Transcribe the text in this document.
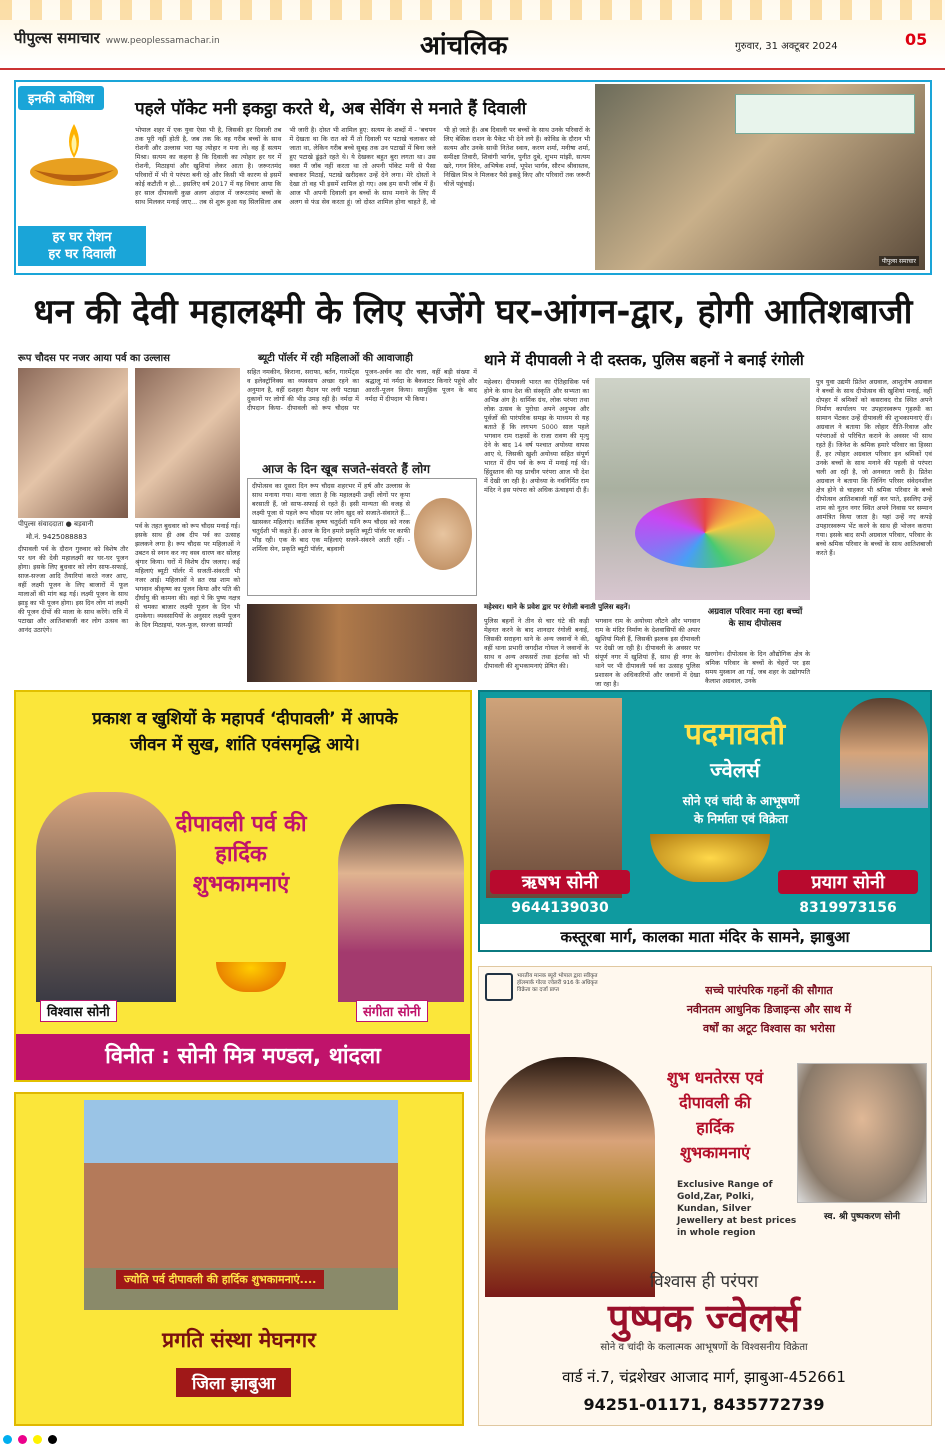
पीपुल्स समाचार www.peoplessamachar.in	आंचलिक	गुरुवार, 31 अक्टूबर 2024	05
इनकी कोशिश
हर घर रोशन
हर घर दिवाली
पहले पॉकेट मनी इकट्ठा करते थे, अब सेविंग से मनाते हैं दिवाली
भोपाल शहर में एक युवा ऐसा भी है, जिसकी हर दिवाली तब तक पूरी नहीं होती है, जब तक कि वह गरीब बच्चों के साथ रोशनी और उल्लास भरा यह त्योहार न मना ले। वह हैं सत्यम मिश्रा। सत्यम का कहना है कि दिवाली का त्योहार हर घर में रोशनी, मिठाइयां और खुशियां लेकर आता है। जरूरतमंद परिवारों में भी ये परंपरा बनी रहे और किसी भी कारण से इसमें कोई कटौती न हो... इसलिए वर्ष 2017 में यह विचार आया कि हर साल दीपावली कुछ अलग अंदाज में जरूरतमंद बच्चों के साथ मिलकर मनाई जाए... तब से शुरू हुआ यह सिलसिला अब भी जारी है। दोस्त भी शामिल हुए: सत्यम के शब्दों में - 'बचपन में देखता था कि रात को मैं तो दिवाली पर पटाखे चलाकर सो जाता था, लेकिन गरीब बच्चे सुबह तक उन पटाखों में बिना जले हुए पटाखे ढूंढ़ते रहते थे। ये देखकर बहुत बुरा लगता था। उस वक्त मैं जॉब नहीं करता था तो अपनी पॉकेट मनी से पैसा बचाकर मिठाई, पटाखे खरीदकर उन्हें देने लगा। मेरे दोस्तों ने देखा तो वह भी इसमें शामिल हो गए। अब हम सभी जॉब में हैं। आज भी अपनी दिवाली इन बच्चों के साथ मनाने के लिए मैं अलग से फंड सेव करता हूं। जो दोस्त शामिल होना चाहते हैं, वो भी हो जाते हैं। अब दिवाली पर बच्चों के साथ उनके परिवारों के लिए बेसिक राशन के पैकेट भी देने लगे हैं। कोविड के दौरान भी सत्यम और उनके साथी नितेश स्वाय, करण शर्मा, मनीषा शर्मा, समीक्षा तिवारी, शिवांगी भार्गव, पुनीत दुबे, शुभम मांझी, सत्यम खरे, गगन विरेन, अभिषेक शर्मा, भूपेश भार्गव, सौरभ श्रीवास्तव, निखिल मिश्र ने मिलकर पैसे इकट्ठे किए और परिवारों तक जरूरी चीजें पहुंचाईं।
पीपुल्स समाचार
धन की देवी महालक्ष्मी के लिए सजेंगे घर-आंगन-द्वार, होगी आतिशबाजी
रूप चौदस पर नजर आया पर्व का उल्लास	ब्यूटी पॉर्लर में रही महिलाओं की आवाजाही
पीपुल्स संवाददाता ● बड़वानी
मो.नं. 9425088883
दीपावली पर्व के दौरान गुरुवार को विशेष तौर पर धन की देवी महालक्ष्मी का घर-घर पूजन होगा। इसके लिए बुधवार को लोग साफ-सफाई, साज-सज्जा आदि तैयारियां करते नजर आए, वहीं लक्ष्मी पूजन के लिए बाजारों में फूल मालाओं की मांग बढ़ गई। लक्ष्मी पूजन के साथ झाड़ू का भी पूजन होगा। इस दिन लोग मां लक्ष्मी की पूजन दीपों की माला के साथ करेंगे। रात्रि में पटाखा और आतिशबाजी कर लोग उत्सव का आनंद उठाएंगे।
पर्व के तहत बुधवार को रूप चौदस मनाई गई। इसके साथ ही अब दीप पर्व का उत्साह झलकने लगा है। रूप चौदस पर महिलाओं ने उबटन से स्नान कर नए वस्त्र धारण कर सोलह श्रृंगार किया। घरों में विशेष दीप जलाए। कई महिलाएं ब्यूटी पॉर्लर में सजती-संवरती भी नजर आई। महिलाओं ने व्रत रख शाम को भगवान श्रीकृष्ण का पूजन किया और पति की दीर्घायु की कामना की। वहां पे कि पुष्य नक्षत्र से चमका बाजार लक्ष्मी पूजन के दिन भी दमकेगा। व्यवसायियों के अनुसार लक्ष्मी पूजन के दिन मिठाइयां, फल-फूल, सज्जा सामग्री
सहित नमकीन, किराना, सराफा, बर्तन, गारमेंट्स व इलेक्ट्रॉनिक्स का व्यवसाय अच्छा रहने का अनुमान है, वहीं दशहरा मैदान पर लगी पटाखा दुकानों पर लोगों की भीड़ उमड़ रही है। नर्मदा में दीपदान किया- दीपावली को रूप चौदस पर पूजन-अर्चन का दौर चला, वहीं बड़ी संख्या में श्रद्धालु मां नर्मदा के बैकवाटर किनारे पहुंचे और आरती-पूजन किया। सामूहिक पूजन के बाद नर्मदा में दीपदान भी किया।
आज के दिन खूब सजते-संवरते हैं लोग
दीपोत्सव का दूसरा दिन रूप चौदस शहरभर में हर्ष और उल्लास के साथ मनाया गया। माना जाता है कि महालक्ष्मी उन्हीं लोगों पर कृपा बरसाती हैं, जो साफ-सफाई से रहते हैं। इसी मान्यता की वजह से लक्ष्मी पूजा से पहले रूप चौदस पर लोग खुद को सजाते-संवारते हैं... खासकर महिलाएं। कार्तिक कृष्ण चतुर्दशी यानि रूप चौदस को नरक चतुर्दशी भी कहते हैं। आज के दिन हमारे प्रकृति ब्यूटी पॉर्लर पर काफी भीड़ रही। एक के बाद एक महिलाएं सजने-संवरने आती रहीं। - शर्मिला सेन, प्रकृति ब्यूटी पॉर्लर, बड़वानी
थाने में दीपावली ने दी दस्तक, पुलिस बहनों ने बनाई रंगोली
महेश्वर। दीपावली भारत का ऐतिहासिक पर्व होने के साथ देश की संस्कृति और सभ्यता का अभिन्न अंग है। धार्मिक ग्रंथ, लोक परंपरा तथा लोक उत्सव के पुरोधा अपने अनुभव और पूर्वजों की पारंपरिक समझ के माध्यम से यह बताते हैं कि लगभग 5000 साल पहले भगवान राम राक्षसों के राजा रावण की मृत्यु देने के बाद 14 वर्ष पश्चात अयोध्या वापस आए थे, जिसकी खुशी अयोध्या सहित संपूर्ण भारत में दीप पर्व के रूप में मनाई गई थी। हिंदुस्तान की यह प्राचीन परंपरा आज भी देश में देखी जा रही है। अयोध्या के नवनिर्मित राम मंदिर ने इस परंपरा को अधिक ऊंचाइयां दी हैं।
महेश्वर। थाने के प्रवेश द्वार पर रंगोली बनाती पुलिस बहनें।
पुलिस बहनों ने तीन से चार घंटे की कड़ी मेहनत करने के बाद शानदार रंगोली बनाई, जिसकी सराहना थाने के अन्य जवानों ने की, वहीं थाना प्रभारी जगदीश गोयल ने जवानों के साथ व अन्य अफसरों तथा इंटर्नस को भी दीपावली की शुभकामनाएं प्रेषित की।
भगवान राम के अयोध्या लौटने और भगवान राम के मंदिर निर्माण के देशवासियों की अपार खुशियां मिली हैं, जिसकी झलक इस दीपावली पर देखी जा रही है। दीपावली के अवसर पर संपूर्ण नगर में खुशियां हैं, साथ ही नगर के थाने पर भी दीपावली पर्व का उत्साह पुलिस प्रशासन के अधिकारियों और जवानों में देखा जा रहा है।
अग्रवाल परिवार मना रहा बच्चों के साथ दीपोत्सव
खरगोन। दीपोत्सव के दिन औद्योगिक क्षेत्र के श्रमिक परिवार के बच्चों के चेहरों पर इस समय मुस्कान आ गई, जब शहर के उद्योगपति कैलाश अग्रवाल, उनके
पुत्र युवा उद्यमी प्रितेश अग्रवाल, आशुतोष अग्रवाल ने बच्चों के साथ दीपोत्सव की खुशियां मनाई, वहीं दोपहर में श्रमिकों को कसरावद रोड स्थित अपने निर्माण कार्यालय पर उपहारस्वरूप गृहस्थी का सामान भेंटकर उन्हें दीपावली की शुभकामनाएं दीं। अग्रवाल ने बताया कि लोहार रीति-रिवाज और परंपराओं से परिचित कराने के अवसर भी साथ रहते हैं। जिनेश के श्रमिक हमारे परिवार का हिस्सा हैं, हर त्योहार अग्रवाल परिवार इन श्रमिकों एवं उनके बच्चों के साथ मनाने की पहली से परंपरा चली आ रही है, जो अनवरत जारी है। प्रितेश अग्रवाल ने बताया कि जिनिंग परिसर संवेदनशील क्षेत्र होने से चाहकर भी श्रमिक परिवार के बच्चे दीपोत्सव आतिशबाजी नहीं कर पाते, इसलिए उन्हें शाम को नूतन नगर स्थित अपने निवास पर सम्मान आमंत्रित किया जाता है। यहां उन्हें नए कपड़े उपहारस्वरूप भेंट करने के साथ ही भोजन कराया गया। इसके बाद सभी अग्रवाल परिवार, परिवार के बच्चे श्रमिक परिवार के बच्चों के साथ आतिशबाजी करते हैं।
प्रकाश व खुशियों के महापर्व ‘दीपावली’ में आपके
जीवन में सुख, शांति एवंसमृद्धि आये।
दीपावली पर्व की
हार्दिक
शुभकामनाएं
विश्वास सोनी	संगीता सोनी
विनीत : सोनी मित्र मण्डल, थांदला
पदमावती
ज्वेलर्स
सोने एवं चांदी के आभूषणों
के निर्माता एवं विक्रेता
ऋषभ सोनी
9644139030
प्रयाग सोनी
8319973156
कस्तूरबा मार्ग, कालका माता मंदिर के सामने, झाबुआ
ज्योति पर्व दीपावली की हार्दिक शुभकामनाएं....
प्रगति संस्था मेघनगर
जिला झाबुआ
भारतीय मानक ब्यूरो भोपाल द्वारा स्वीकृत हॉलमार्क गोल्ड ज्वेलरी 916 के अधिकृत विक्रेता का दर्जा प्राप्त	सच्चे पारंपरिक गहनों की सौगात
नवीनतम आधुनिक डिजाइन्स और साथ में
वर्षों का अटूट विश्वास का भरोसा
शुभ धनतेरस एवं
दीपावली की
हार्दिक
शुभकामनाएं
Exclusive Range of Gold,Zar, Polki, Kundan, Silver Jewellery at best prices in whole region
स्व. श्री पुष्पकरण सोनी
विश्वास ही परंपरा
पुष्पक ज्वेलर्स
सोने व चांदी के कलात्मक आभूषणों के विश्वसनीय विक्रेता
वार्ड नं.7, चंद्रशेखर आजाद मार्ग, झाबुआ-452661
94251-01171, 8435772739
